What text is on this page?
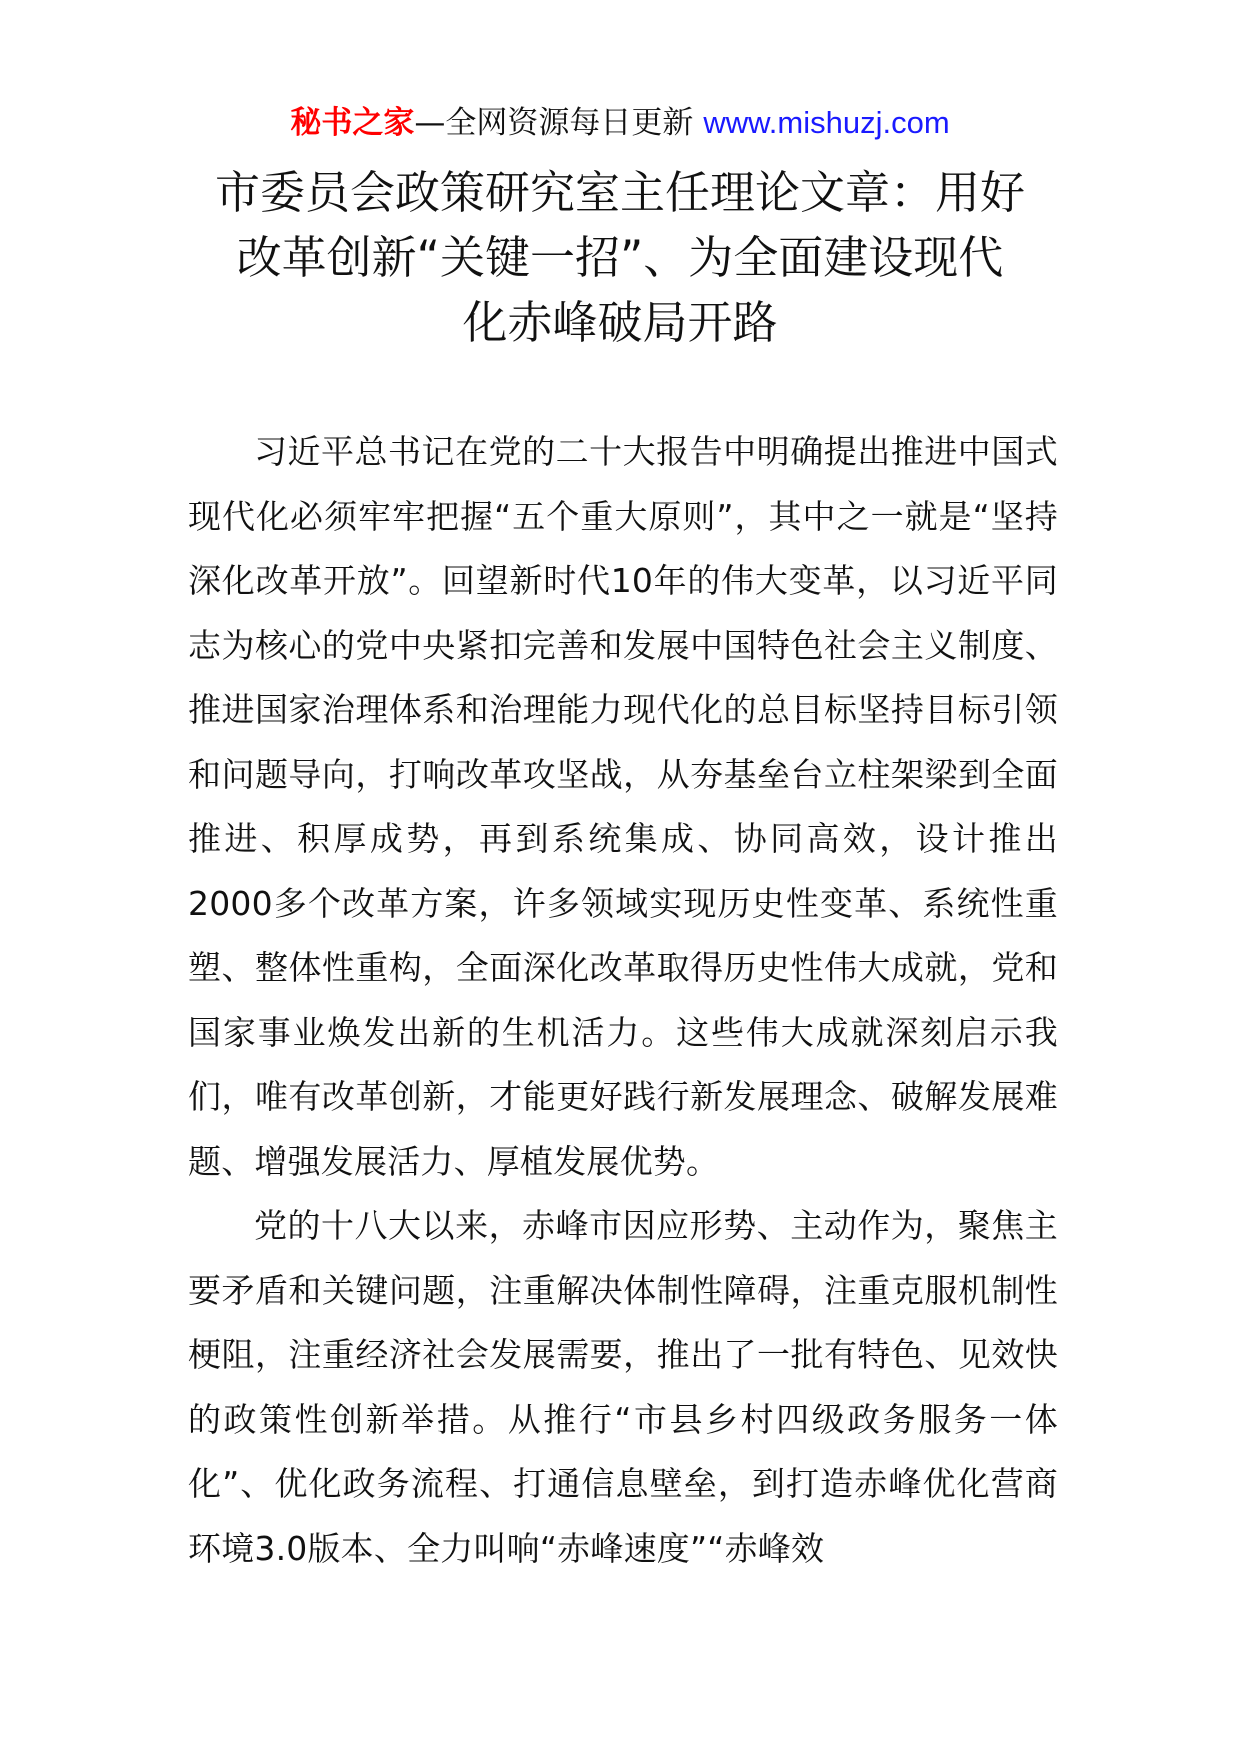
秘书之家—全网资源每日更新 www.mishuzj.com
市委员会政策研究室主任理论文章：用好
改革创新“关键一招”、为全面建设现代
化赤峰破局开路

习近平总书记在党的二十大报告中明确提出推进中国式现代化必须牢牢把握“五个重大原则”，其中之一就是“坚持深化改革开放”。回望新时代10年的伟大变革，以习近平同志为核心的党中央紧扣完善和发展中国特色社会主义制度、推进国家治理体系和治理能力现代化的总目标坚持目标引领和问题导向，打响改革攻坚战，从夯基垒台立柱架梁到全面推进、积厚成势，再到系统集成、协同高效，设计推出2000多个改革方案，许多领域实现历史性变革、系统性重塑、整体性重构，全面深化改革取得历史性伟大成就，党和国家事业焕发出新的生机活力。这些伟大成就深刻启示我们，唯有改革创新，才能更好践行新发展理念、破解发展难题、增强发展活力、厚植发展优势。

党的十八大以来，赤峰市因应形势、主动作为，聚焦主要矛盾和关键问题，注重解决体制性障碍，注重克服机制性梗阻，注重经济社会发展需要，推出了一批有特色、见效快的政策性创新举措。从推行“市县乡村四级政务服务一体化”、优化政务流程、打通信息壁垒，到打造赤峰优化营商环境3.0版本、全力叫响“赤峰速度”“赤峰效
